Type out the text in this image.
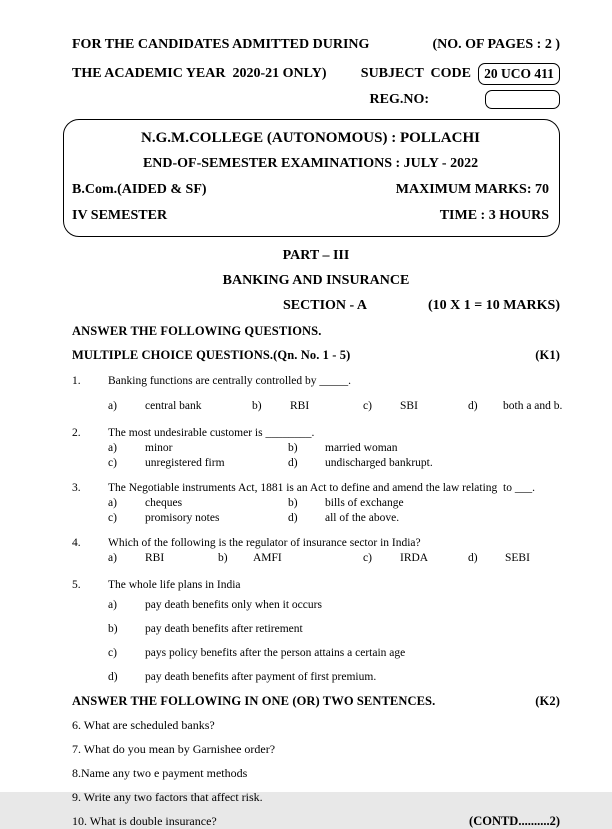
FOR THE CANDIDATES ADMITTED DURING	(NO. OF PAGES : 2 )
THE ACADEMIC YEAR  2020-21 ONLY) SUBJECT  CODE 20 UCO 411
REG.NO:
N.G.M.COLLEGE (AUTONOMOUS) : POLLACHI
END-OF-SEMESTER EXAMINATIONS : JULY - 2022
B.Com.(AIDED & SF)	MAXIMUM MARKS: 70
IV SEMESTER	TIME : 3 HOURS
PART – III
BANKING AND INSURANCE
SECTION - A	(10 X 1 = 10 MARKS)
ANSWER THE FOLLOWING QUESTIONS.
MULTIPLE CHOICE QUESTIONS.(Qn. No. 1 - 5)	(K1)
1.	Banking functions are centrally controlled by _____.
a)	central bank	b)	RBI	c)	SBI	d)	both a and b.
2.	The most undesirable customer is ________.
a)	minor	b)	married woman
c)	unregistered firm	d)	undischarged bankrupt.
3.	The Negotiable instruments Act, 1881 is an Act to define and amend the law relating  to ___.
a)	cheques	b)	bills of exchange
c)	promisory notes	d)	all of the above.
4.	Which of the following is the regulator of insurance sector in India?
a)	RBI	b)	AMFI	c)	IRDA	d)	SEBI
5.	The whole life plans in India
a)	pay death benefits only when it occurs
b)	pay death benefits after retirement
c)	pays policy benefits after the person attains a certain age
d)	pay death benefits after payment of first premium.
ANSWER THE FOLLOWING IN ONE (OR) TWO SENTENCES.	(K2)
6. What are scheduled banks?
7. What do you mean by Garnishee order?
8.Name any two e payment methods
9. Write any two factors that affect risk.
10. What is double insurance?	(CONTD..........2)
